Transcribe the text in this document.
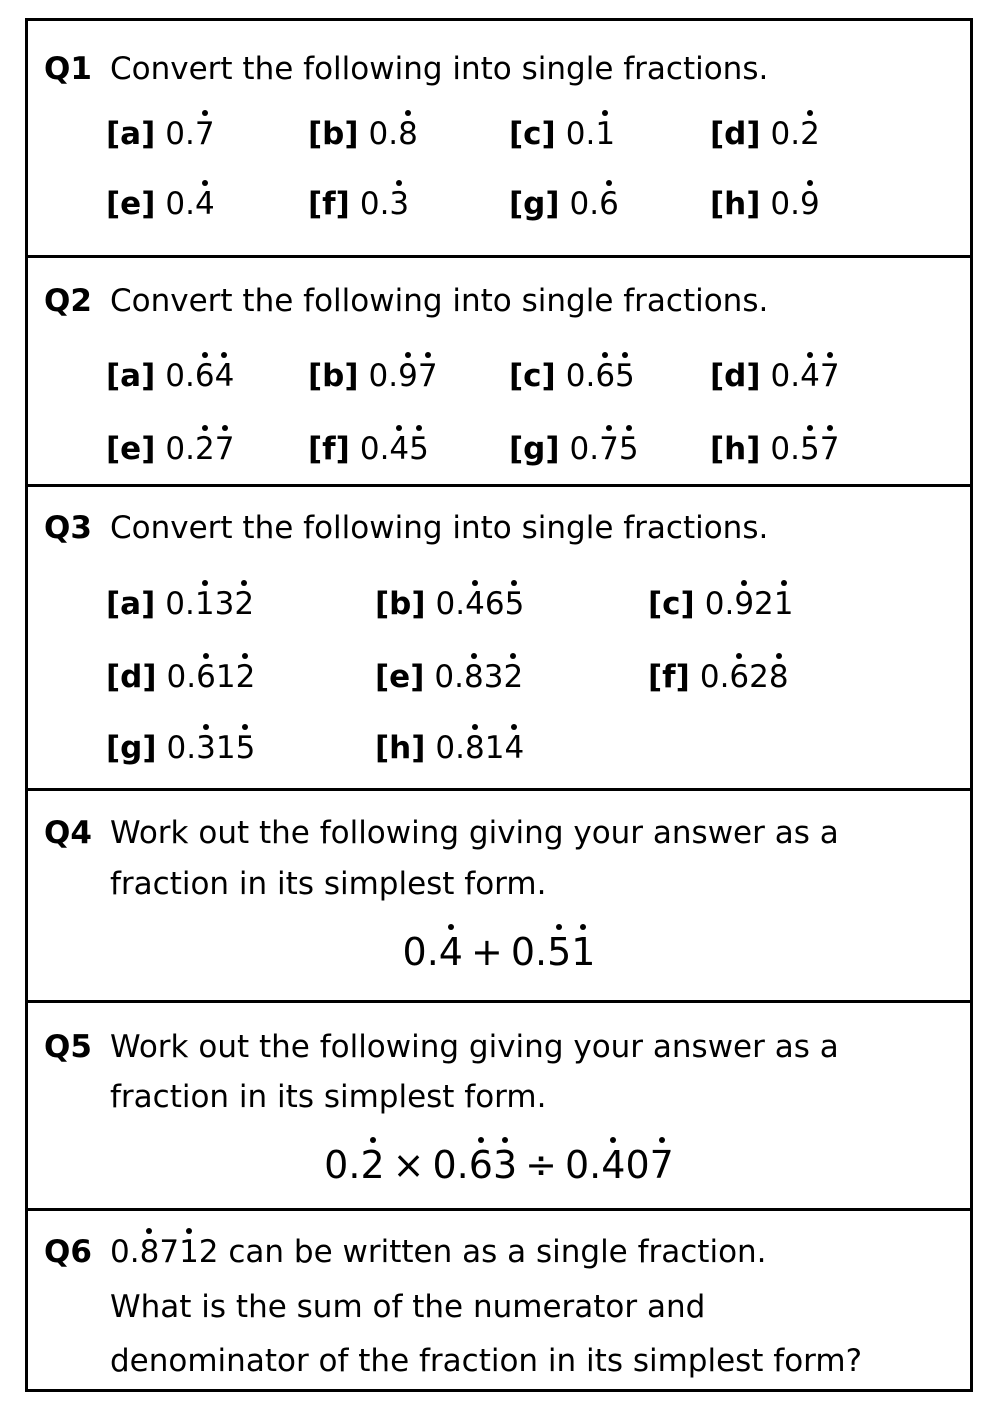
Q1 Convert the following into single fractions.
[a] 0.7	[b] 0.8	[c] 0.1	[d] 0.2
[e] 0.4	[f] 0.3	[g] 0.6	[h] 0.9
Q2 Convert the following into single fractions.
[a] 0.64 [b] 0.97 [c] 0.65 [d] 0.47
[e] 0.27 [f] 0.45	[g] 0.75 [h] 0.57
Q3 Convert the following into single fractions.
[a] 0.132	[b] 0.465	[c] 0.921
[d] 0.612	[e] 0.832	[f] 0.628
[g] 0.315	[h] 0.814
Q4 Work out the following giving your answer as a
fraction in its simplest form.
0.4 + 0.51
Q5 Work out the following giving your answer as a
fraction in its simplest form.
0.2 × 0.63 ÷ 0.407
Q6 0.8712 can be written as a single fraction.
What is the sum of the numerator and
denominator of the fraction in its simplest form?
